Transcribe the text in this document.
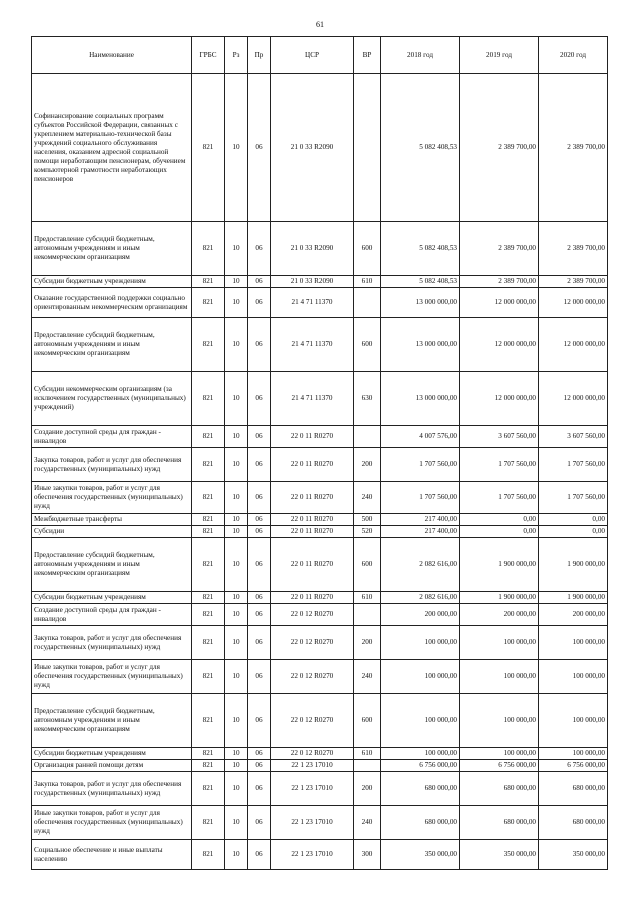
61
Наименование	ГРБС	Рз	Пр	ЦСР	ВР	2018 год	2019 год	2020 год
Софинансирование социальных программ субъектов Российской Федерации, связанных с укреплением материально-технической базы учреждений социального обслуживания населения, оказанием адресной социальной помощи неработающим пенсионерам, обучением компьютерной грамотности неработающих пенсионеров	821	10	06	21 0 33 R2090		5 082 408,53	2 389 700,00	2 389 700,00
Предоставление субсидий бюджетным, автономным учреждениям и иным некоммерческим организациям	821	10	06	21 0 33 R2090	600	5 082 408,53	2 389 700,00	2 389 700,00
Субсидии бюджетным учреждениям	821	10	06	21 0 33 R2090	610	5 082 408,53	2 389 700,00	2 389 700,00
Оказание государственной поддержки социально ориентированным некоммерческим организациям	821	10	06	21 4 71 11370		13 000 000,00	12 000 000,00	12 000 000,00
Предоставление субсидий бюджетным, автономным учреждениям и иным некоммерческим организациям	821	10	06	21 4 71 11370	600	13 000 000,00	12 000 000,00	12 000 000,00
Субсидии некоммерческим организациям (за исключением государственных (муниципальных) учреждений)	821	10	06	21 4 71 11370	630	13 000 000,00	12 000 000,00	12 000 000,00
Создание доступной среды для граждан - инвалидов	821	10	06	22 0 11 R0270		4 007 576,00	3 607 560,00	3 607 560,00
Закупка товаров, работ и услуг для обеспечения государственных (муниципальных) нужд	821	10	06	22 0 11 R0270	200	1 707 560,00	1 707 560,00	1 707 560,00
Иные закупки товаров, работ и услуг для обеспечения государственных (муниципальных) нужд	821	10	06	22 0 11 R0270	240	1 707 560,00	1 707 560,00	1 707 560,00
Межбюджетные трансферты	821	10	06	22 0 11 R0270	500	217 400,00	0,00	0,00
Субсидии	821	10	06	22 0 11 R0270	520	217 400,00	0,00	0,00
Предоставление субсидий бюджетным, автономным учреждениям и иным некоммерческим организациям	821	10	06	22 0 11 R0270	600	2 082 616,00	1 900 000,00	1 900 000,00
Субсидии бюджетным учреждениям	821	10	06	22 0 11 R0270	610	2 082 616,00	1 900 000,00	1 900 000,00
Создание доступной среды для граждан - инвалидов	821	10	06	22 0 12 R0270		200 000,00	200 000,00	200 000,00
Закупка товаров, работ и услуг для обеспечения государственных (муниципальных) нужд	821	10	06	22 0 12 R0270	200	100 000,00	100 000,00	100 000,00
Иные закупки товаров, работ и услуг для обеспечения государственных (муниципальных) нужд	821	10	06	22 0 12 R0270	240	100 000,00	100 000,00	100 000,00
Предоставление субсидий бюджетным, автономным учреждениям и иным некоммерческим организациям	821	10	06	22 0 12 R0270	600	100 000,00	100 000,00	100 000,00
Субсидии бюджетным учреждениям	821	10	06	22 0 12 R0270	610	100 000,00	100 000,00	100 000,00
Организация ранней помощи детям	821	10	06	22 1 23 17010		6 756 000,00	6 756 000,00	6 756 000,00
Закупка товаров, работ и услуг для обеспечения государственных (муниципальных) нужд	821	10	06	22 1 23 17010	200	680 000,00	680 000,00	680 000,00
Иные закупки товаров, работ и услуг для обеспечения государственных (муниципальных) нужд	821	10	06	22 1 23 17010	240	680 000,00	680 000,00	680 000,00
Социальное обеспечение и иные выплаты населению	821	10	06	22 1 23 17010	300	350 000,00	350 000,00	350 000,00
